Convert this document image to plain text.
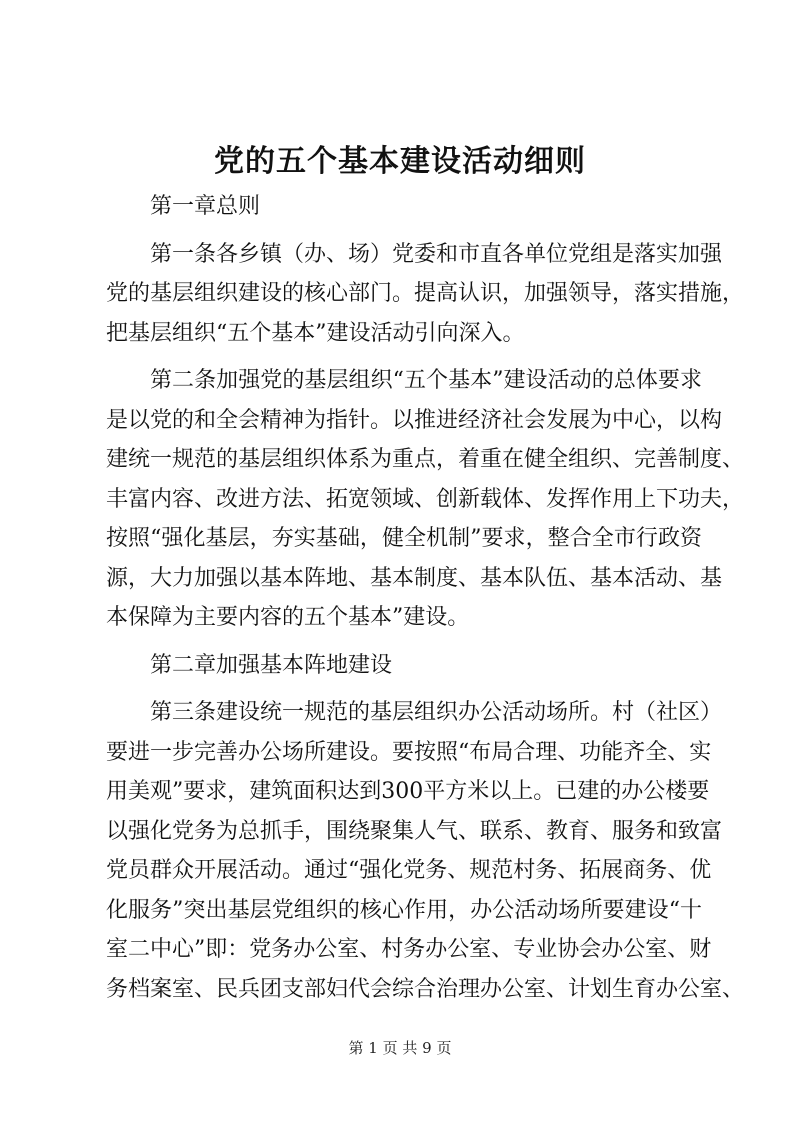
党的五个基本建设活动细则
第一章总则
第一条各乡镇（办、场）党委和市直各单位党组是落实加强
党的基层组织建设的核心部门。提高认识，加强领导，落实措施，
把基层组织“五个基本”建设活动引向深入。
第二条加强党的基层组织“五个基本”建设活动的总体要求
是以党的和全会精神为指针。以推进经济社会发展为中心，以构
建统一规范的基层组织体系为重点，着重在健全组织、完善制度、
丰富内容、改进方法、拓宽领域、创新载体、发挥作用上下功夫，
按照“强化基层，夯实基础，健全机制”要求，整合全市行政资
源，大力加强以基本阵地、基本制度、基本队伍、基本活动、基
本保障为主要内容的五个基本”建设。
第二章加强基本阵地建设
第三条建设统一规范的基层组织办公活动场所。村（社区）
要进一步完善办公场所建设。要按照“布局合理、功能齐全、实
用美观”要求，建筑面积达到300平方米以上。已建的办公楼要
以强化党务为总抓手，围绕聚集人气、联系、教育、服务和致富
党员群众开展活动。通过“强化党务、规范村务、拓展商务、优
化服务”突出基层党组织的核心作用，办公活动场所要建设“十
室二中心”即：党务办公室、村务办公室、专业协会办公室、财
务档案室、民兵团支部妇代会综合治理办公室、计划生育办公室、
第 1 页 共 9 页
